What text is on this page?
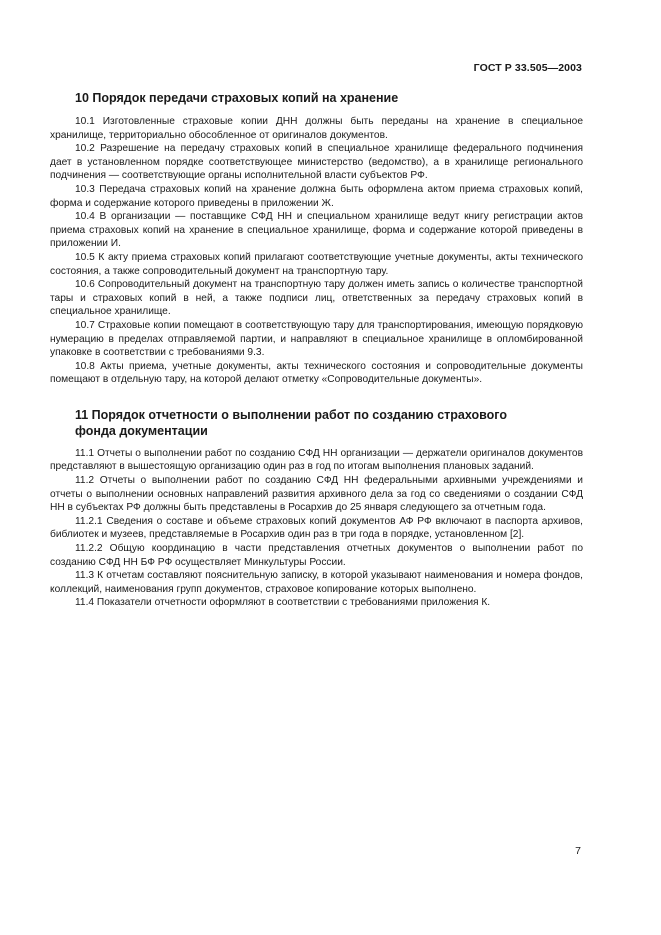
ГОСТ Р 33.505—2003
10 Порядок передачи страховых копий на хранение

10.1 Изготовленные страховые копии ДНН должны быть переданы на хранение в специальное хранилище, территориально обособленное от оригиналов документов.

10.2 Разрешение на передачу страховых копий в специальное хранилище федерального подчинения дает в установленном порядке соответствующее министерство (ведомство), а в хранилище регионального подчинения — соответствующие органы исполнительной власти субъектов РФ.

10.3 Передача страховых копий на хранение должна быть оформлена актом приема страховых копий, форма и содержание которого приведены в приложении Ж.

10.4 В организации — поставщике СФД НН и специальном хранилище ведут книгу регистрации актов приема страховых копий на хранение в специальное хранилище, форма и содержание которой приведены в приложении И.

10.5 К акту приема страховых копий прилагают соответствующие учетные документы, акты технического состояния, а также сопроводительный документ на транспортную тару.

10.6 Сопроводительный документ на транспортную тару должен иметь запись о количестве транспортной тары и страховых копий в ней, а также подписи лиц, ответственных за передачу страховых копий в специальное хранилище.

10.7 Страховые копии помещают в соответствующую тару для транспортирования, имеющую порядковую нумерацию в пределах отправляемой партии, и направляют в специальное хранилище в опломбированной упаковке в соответствии с требованиями 9.3.

10.8 Акты приема, учетные документы, акты технического состояния и сопроводительные документы помещают в отдельную тару, на которой делают отметку «Сопроводительные документы».

11 Порядок отчетности о выполнении работ по созданию страхового
фонда документации

11.1 Отчеты о выполнении работ по созданию СФД НН организации — держатели оригиналов документов представляют в вышестоящую организацию один раз в год по итогам выполнения плановых заданий.

11.2 Отчеты о выполнении работ по созданию СФД НН федеральными архивными учреждениями и отчеты о выполнении основных направлений развития архивного дела за год со сведениями о создании СФД НН в субъектах РФ должны быть представлены в Росархив до 25 января следующего за отчетным года.

11.2.1 Сведения о составе и объеме страховых копий документов АФ РФ включают в паспорта архивов, библиотек и музеев, представляемые в Росархив один раз в три года в порядке, установленном [2].

11.2.2 Общую координацию в части представления отчетных документов о выполнении работ по созданию СФД НН БФ РФ осуществляет Минкультуры России.

11.3 К отчетам составляют пояснительную записку, в которой указывают наименования и номера фондов, коллекций, наименования групп документов, страховое копирование которых выполнено.

11.4 Показатели отчетности оформляют в соответствии с требованиями приложения К.

7
